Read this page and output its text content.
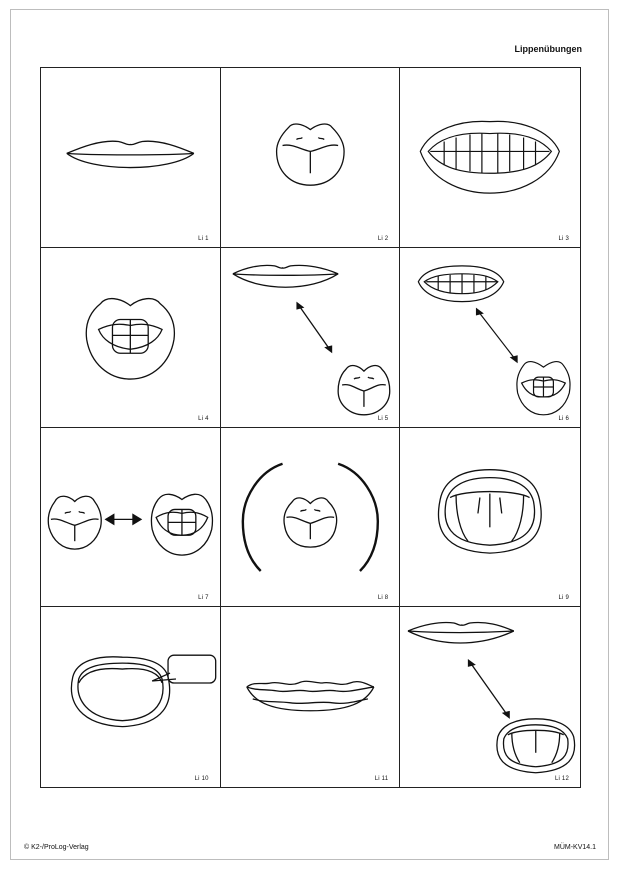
Lippenübungen
Li 1	Li 2	Li 3
Li 4	Li 5	Li 6
Li 7	Li 8	Li 9
Li 10	Li 11	Li 12
© K2-/ProLog-Verlag	MÜM-KV14.1
